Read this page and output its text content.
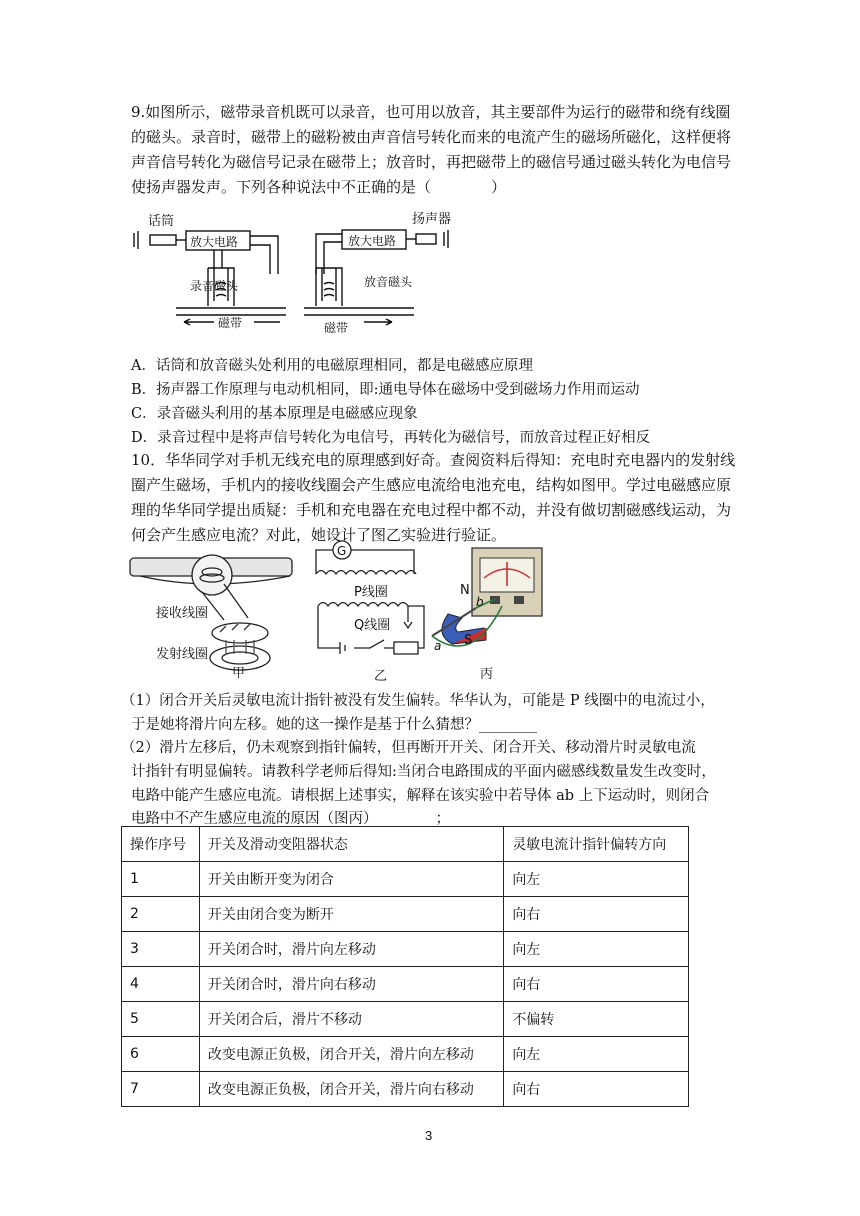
9.如图所示，磁带录音机既可以录音，也可用以放音，其主要部件为运行的磁带和绕有线圈
的磁头。录音时，磁带上的磁粉被由声音信号转化而来的电流产生的磁场所磁化，这样便将
声音信号转化为磁信号记录在磁带上；放音时，再把磁带上的磁信号通过磁头转化为电信号
使扬声器发声。下列各种说法中不正确的是（　　　　）
话筒
放大电路
录音磁头
磁带
扬声器
放大电路
放音磁头
磁带
A．话筒和放音磁头处利用的电磁原理相同，都是电磁感应原理
B．扬声器工作原理与电动机相同，即:通电导体在磁场中受到磁场力作用而运动
C．录音磁头利用的基本原理是电磁感应现象
D．录音过程中是将声信号转化为电信号，再转化为磁信号，而放音过程正好相反
10．华华同学对手机无线充电的原理感到好奇。查阅资料后得知：充电时充电器内的发射线
圈产生磁场，手机内的接收线圈会产生感应电流给电池充电，结构如图甲。学过电磁感应原
理的华华同学提出质疑：手机和充电器在充电过程中都不动，并没有做切割磁感线运动，为
何会产生感应电流？对此，她设计了图乙实验进行验证。
接收线圈
发射线圈
甲
G
P线圈
Q线圈
乙
N
b
S
a
丙
（1）闭合开关后灵敏电流计指针被没有发生偏转。华华认为，可能是 P 线圈中的电流过小，
于是她将滑片向左移。她的这一操作是基于什么猜想？________
（2）滑片左移后，仍未观察到指针偏转，但再断开开关、闭合开关、移动滑片时灵敏电流
计指针有明显偏转。请教科学老师后得知:当闭合电路围成的平面内磁感线数量发生改变时，
电路中能产生感应电流。请根据上述事实，解释在该实验中若导体 ab 上下运动时，则闭合
电路中不产生感应电流的原因（图丙）________；
操作序号	开关及滑动变阻器状态	灵敏电流计指针偏转方向
1	开关由断开变为闭合	向左
2	开关由闭合变为断开	向右
3	开关闭合时，滑片向左移动	向左
4	开关闭合时，滑片向右移动	向右
5	开关闭合后，滑片不移动	不偏转
6	改变电源正负极，闭合开关，滑片向左移动	向左
7	改变电源正负极，闭合开关，滑片向右移动	向右
3
